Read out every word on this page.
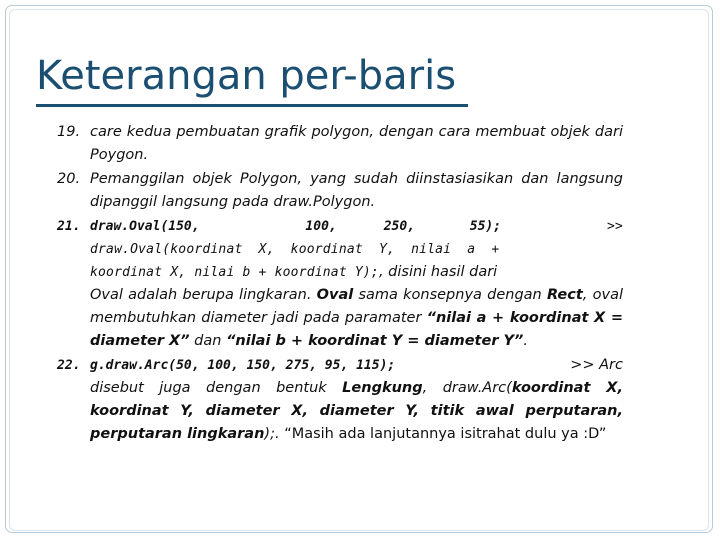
Keterangan per-baris
19. care kedua pembuatan grafik polygon, dengan cara membuat objek dari Poygon.
20. Pemanggilan objek Polygon, yang sudah diinstasiasikan dan langsung dipanggil langsung pada draw.Polygon.
21. draw.Oval(150,	100,      250,       55);	>>
draw.Oval(koordinat  X,  koordinat  Y,  nilai  a  +
koordinat X, nilai b + koordinat Y);, disini hasil dari
Oval adalah berupa lingkaran. Oval sama konsepnya dengan Rect, oval membutuhkan diameter jadi pada paramater “nilai a + koordinat X = diameter X” dan “nilai b + koordinat Y = diameter Y”.
22. g.draw.Arc(50, 100, 150, 275, 95, 115);	>> Arc
disebut juga dengan bentuk Lengkung, draw.Arc(koordinat X, koordinat Y, diameter X, diameter Y, titik awal perputaran, perputaran lingkaran);. “Masih ada lanjutannya isitrahat dulu ya :D”
